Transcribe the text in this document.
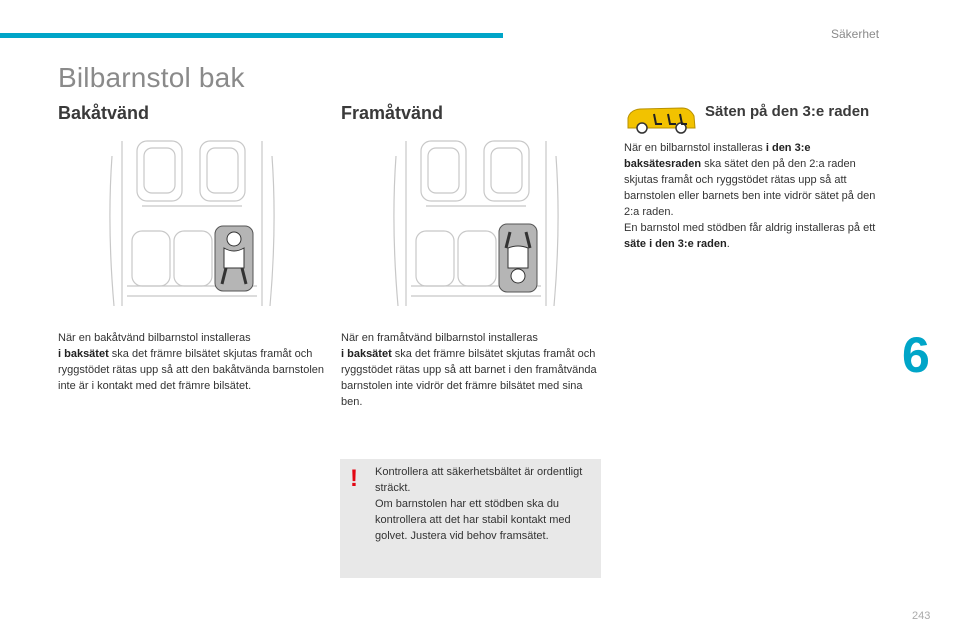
Säkerhet
Bilbarnstol bak
Bakåtvänd	Framåtvänd	Säten på den 3:e raden

När en bakåtvänd bilbarnstol installeras
i baksätet ska det främre bilsätet skjutas framåt och ryggstödet rätas upp så att den bakåtvända barnstolen inte är i kontakt med det främre bilsätet.

När en framåtvänd bilbarnstol installeras
i baksätet ska det främre bilsätet skjutas framåt och ryggstödet rätas upp så att barnet i den framåtvända barnstolen inte vidrör det främre bilsätet med sina ben.

När en bilbarnstol installeras i den 3:e baksätesraden ska sätet den på den 2:a raden skjutas framåt och ryggstödet rätas upp så att barnstolen eller barnets ben inte vidrör sätet på den 2:a raden.

En barnstol med stödben får aldrig installeras på ett säte i den 3:e raden.

! Kontrollera att säkerhetsbältet är ordentligt sträckt.

Om barnstolen har ett stödben ska du kontrollera att det har stabil kontakt med golvet. Justera vid behov framsätet.

6
243
